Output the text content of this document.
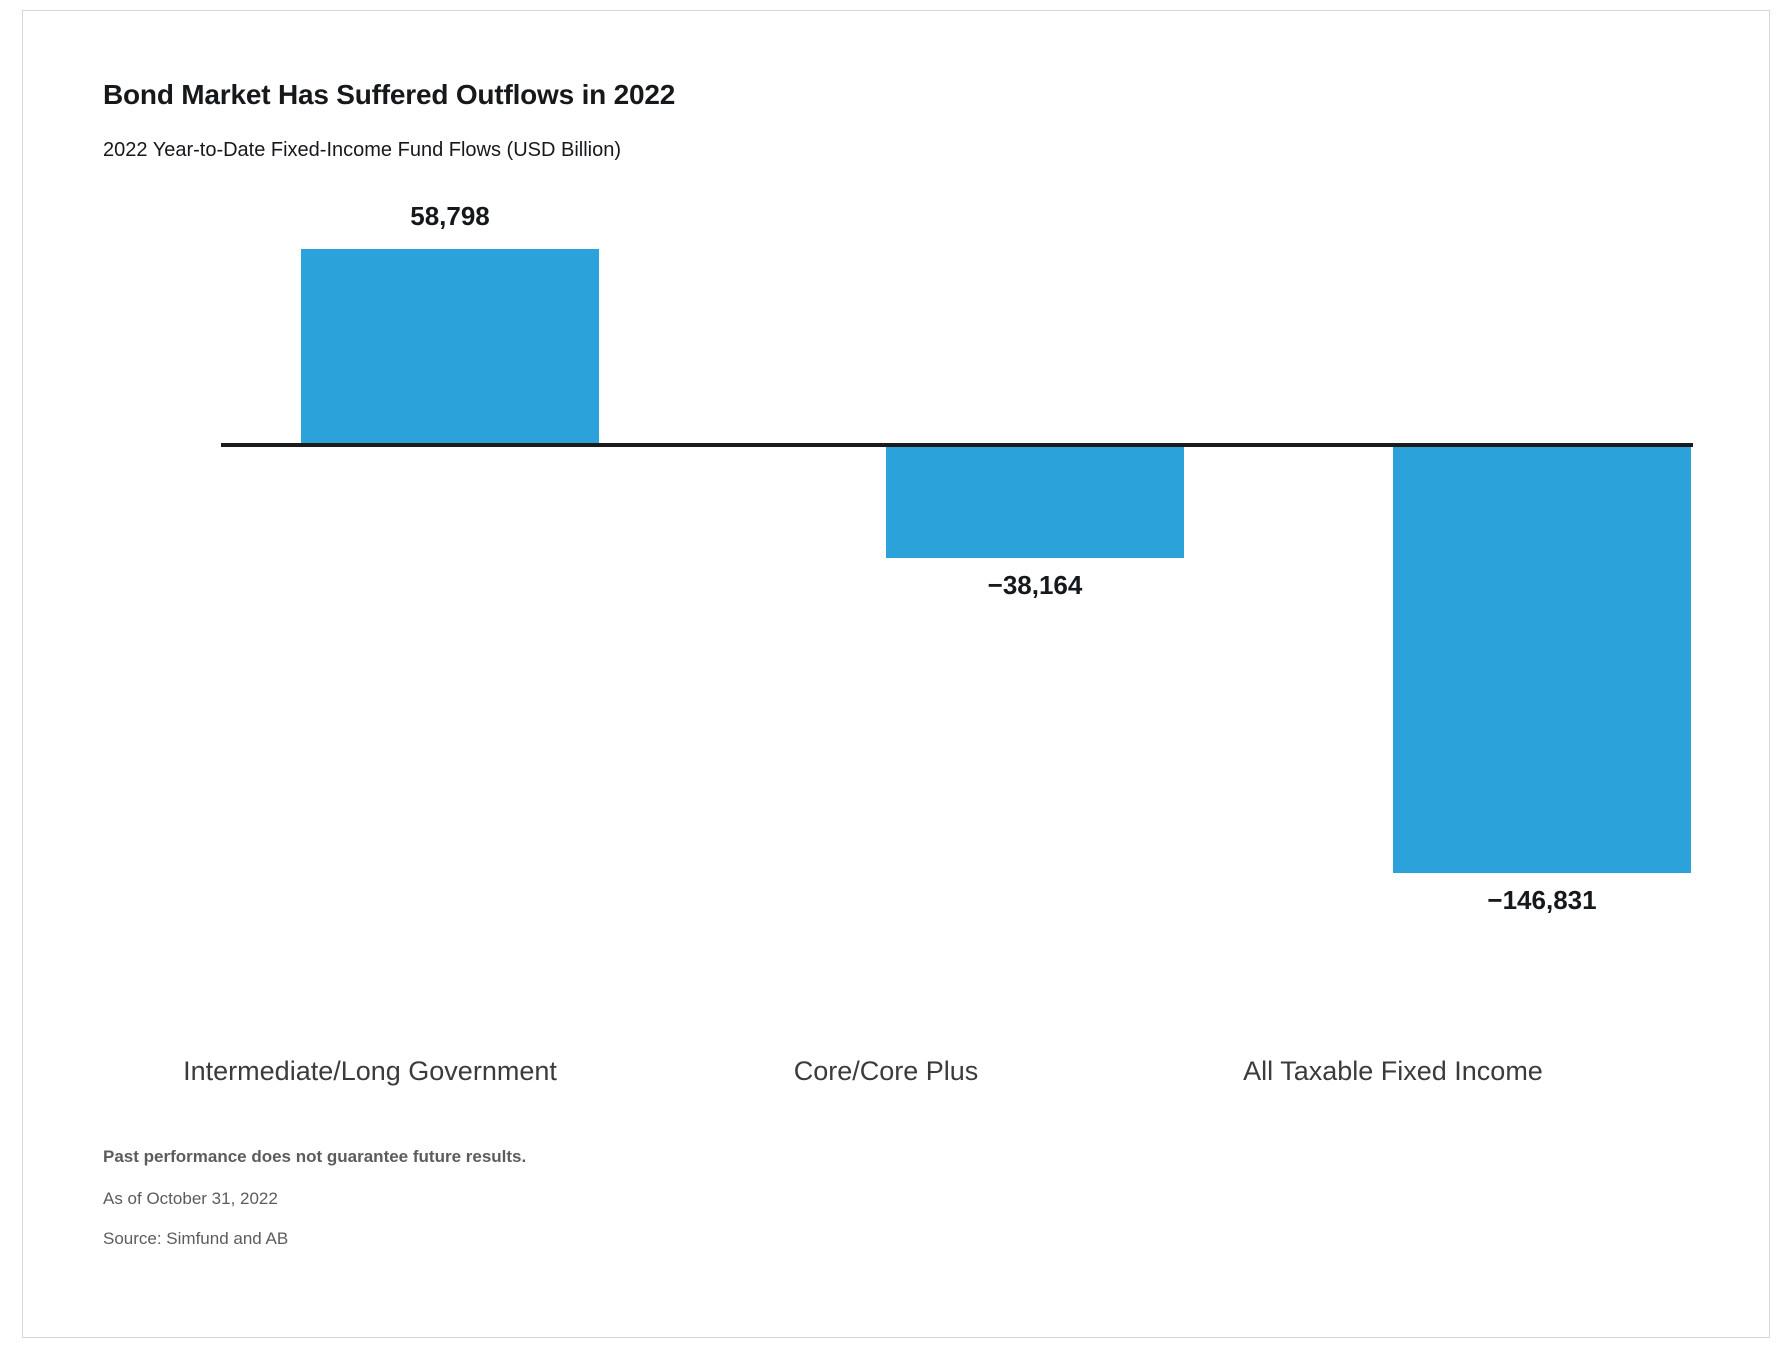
Bond Market Has Suffered Outflows in 2022
2022 Year-to-Date Fixed-Income Fund Flows (USD Billion)
58,798
−38,164
−146,831
Intermediate/Long Government	Core/Core Plus	All Taxable Fixed Income
Past performance does not guarantee future results.
As of October 31, 2022
Source: Simfund and AB
